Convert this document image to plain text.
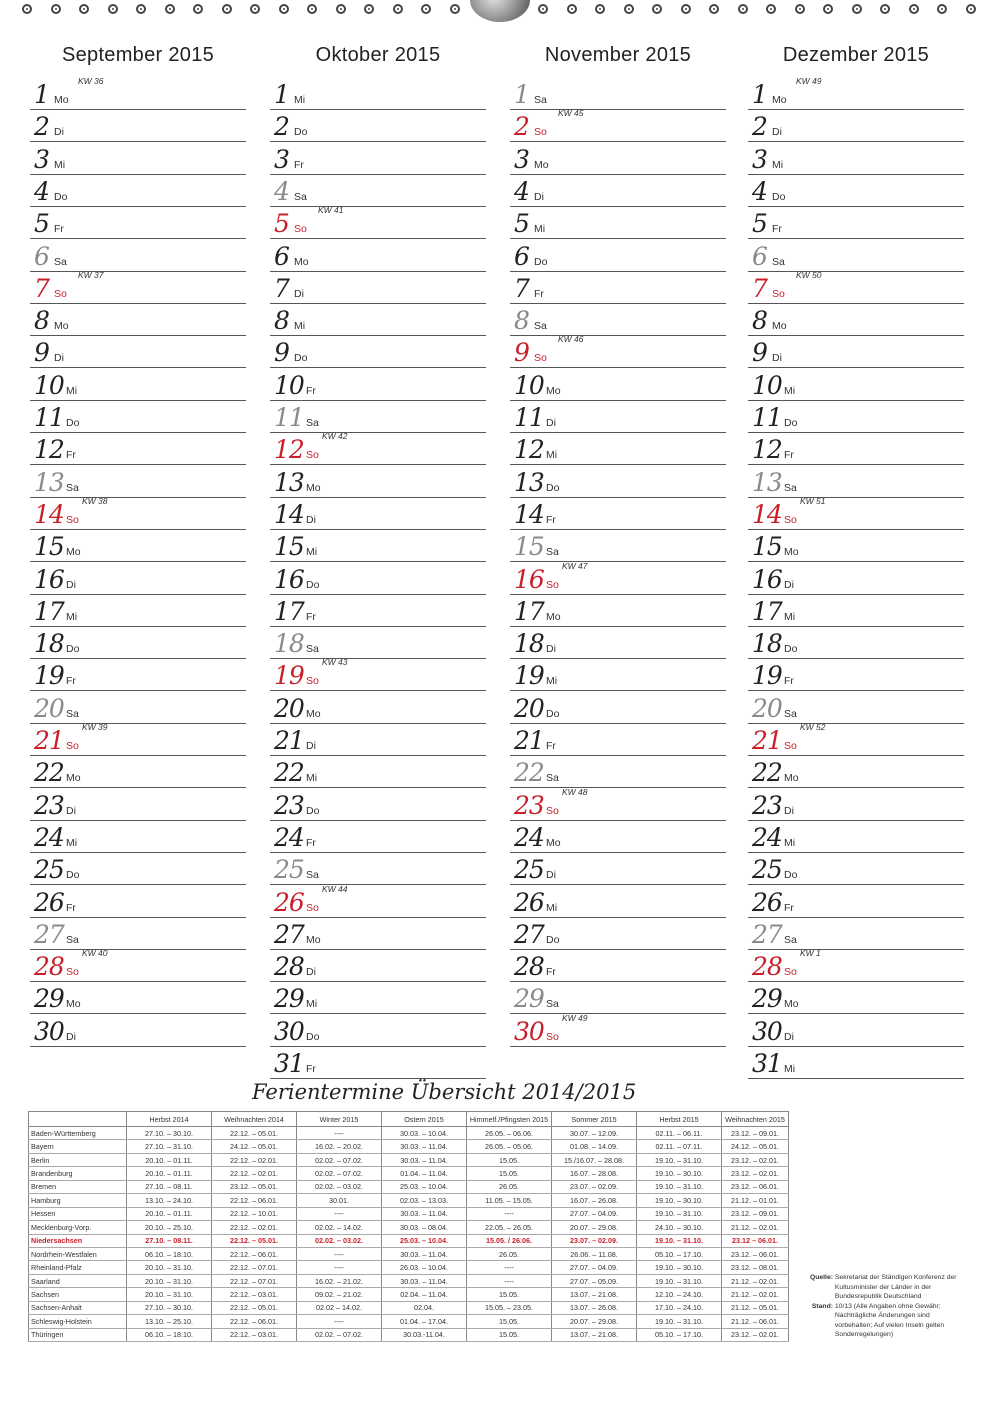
September 2015
1 Mo
KW 36
2 Di
3 Mi
4 Do
5 Fr
6 Sa
7 So
KW 37
8 Mo
9 Di
10 Mi
11 Do
12 Fr
13 Sa
14 So
KW 38
15 Mo
16 Di
17 Mi
18 Do
19 Fr
20 Sa
21 So
KW 39
22 Mo
23 Di
24 Mi
25 Do
26 Fr
27 Sa
28 So
KW 40
29 Mo
30 Di
Oktober 2015
1 Mi
2 Do
3 Fr
4 Sa
5 So
KW 41
6 Mo
7 Di
8 Mi
9 Do
10 Fr
11 Sa
12 So
KW 42
13 Mo
14 Di
15 Mi
16 Do
17 Fr
18 Sa
19 So
KW 43
20 Mo
21 Di
22 Mi
23 Do
24 Fr
25 Sa
26 So
KW 44
27 Mo
28 Di
29 Mi
30 Do
31 Fr
November 2015
1 Sa
2 So
KW 45
3 Mo
4 Di
5 Mi
6 Do
7 Fr
8 Sa
9 So
KW 46
10 Mo
11 Di
12 Mi
13 Do
14 Fr
15 Sa
16 So
KW 47
17 Mo
18 Di
19 Mi
20 Do
21 Fr
22 Sa
23 So
KW 48
24 Mo
25 Di
26 Mi
27 Do
28 Fr
29 Sa
30 So
KW 49
Dezember 2015
1 Mo
KW 49
2 Di
3 Mi
4 Do
5 Fr
6 Sa
7 So
KW 50
8 Mo
9 Di
10 Mi
11 Do
12 Fr
13 Sa
14 So
KW 51
15 Mo
16 Di
17 Mi
18 Do
19 Fr
20 Sa
21 So
KW 52
22 Mo
23 Di
24 Mi
25 Do
26 Fr
27 Sa
28 So
KW 1
29 Mo
30 Di
31 Mi
Ferientermine Übersicht 2014/2015
	Herbst 2014	Weihnachten 2014	Winter 2015	Ostern 2015	Himmelf./Pfingsten 2015	Sommer 2015	Herbst 2015	Weihnachten 2015
Baden-Württemberg	27.10. – 30.10.	22.12. – 05.01.	----	30.03. – 10.04.	26.05. – 06.06.	30.07. – 12.09.	02.11. – 06.11.	23.12. – 09.01.
Bayern	27.10. – 31.10.	24.12. – 05.01.	16.02. – 20.02.	30.03. – 11.04.	26.05. – 05.06.	01.08. – 14.09.	02.11. – 07.11.	24.12. – 05.01.
Berlin	20.10. – 01.11.	22.12. – 02.01.	02.02. – 07.02.	30.03. – 11.04.	15.05.	15./16.07. – 28.08.	19.10. – 31.10.	23.12. – 02.01.
Brandenburg	20.10. – 01.11.	22.12. – 02.01.	02.02. – 07.02.	01.04. – 11.04.	15.05.	16.07. – 28.08.	19.10. – 30.10.	23.12. – 02.01.
Bremen	27.10. – 08.11.	23.12. – 05.01.	02.02. – 03.02.	25.03. – 10.04.	26.05.	23.07. – 02.09.	19.10. – 31.10.	23.12. – 06.01.
Hamburg	13.10. – 24.10.	22.12. – 06.01.	30.01.	02.03. – 13.03.	11.05. – 15.05.	16.07. – 26.08.	19.10. – 30.10.	21.12. – 01.01.
Hessen	20.10. – 01.11.	22.12. – 10.01.	----	30.03. – 11.04.	----	27.07. – 04.09.	19.10. – 31.10.	23.12. – 09.01.
Mecklenburg-Vorp.	20.10. – 25.10.	22.12. – 02.01.	02.02. – 14.02.	30.03. – 08.04.	22.05. – 26.05.	20.07. – 29.08.	24.10. – 30.10.	21.12. – 02.01.
Niedersachsen	27.10. – 08.11.	22.12. – 05.01.	02.02. – 03.02.	25.03. – 10.04.	15.05. / 26.06.	23.07. – 02.09.	19.10. – 31.10.	23.12 – 06.01.
Nordrhein-Westfalen	06.10. – 18.10.	22.12. – 06.01.	----	30.03. – 11.04.	26.05.	26.06. – 11.08.	05.10. – 17.10.	23.12. – 06.01.
Rheinland-Pfalz	20.10. – 31.10.	22.12. – 07.01.	----	26.03. – 10.04.	----	27.07. – 04.09.	19.10. – 30.10.	23.12. – 08.01.
Saarland	20.10. – 31.10.	22.12. – 07.01.	16.02. – 21.02.	30.03. – 11.04.	----	27.07. – 05.09.	19.10. – 31.10.	21.12. – 02.01.
Sachsen	20.10. – 31.10.	22.12. – 03.01.	09.02. – 21.02.	02.04. – 11.04.	15.05.	13.07. – 21.08.	12.10. – 24.10.	21.12. – 02.01.
Sachsen-Anhalt	27.10. – 30.10.	22.12. – 05.01.	02.02 – 14.02.	02.04.	15.05. – 23.05.	13.07. – 26.08.	17.10. – 24.10.	21.12. – 05.01.
Schleswig-Holstein	13.10. – 25.10.	22.12. – 06.01.	----	01.04. – 17.04.	15.05.	20.07. – 29.08.	19.10. – 31.10.	21.12. – 06.01.
Thüringen	06.10. – 18.10.	22.12. – 03.01.	02.02. – 07.02.	30.03.-11.04.	15.05.	13.07. – 21.08.	05.10. – 17.10.	23.12. – 02.01.
Quelle: Sekretariat der Ständigen Konferenz der Kultusminister der Länder in der Bundesrepublik Deutschland
Stand: 10/13 (Alle Angaben ohne Gewähr; Nachträgliche Änderungen sind vorbehalten; Auf vielen Inseln gelten Sonderregelungen)
